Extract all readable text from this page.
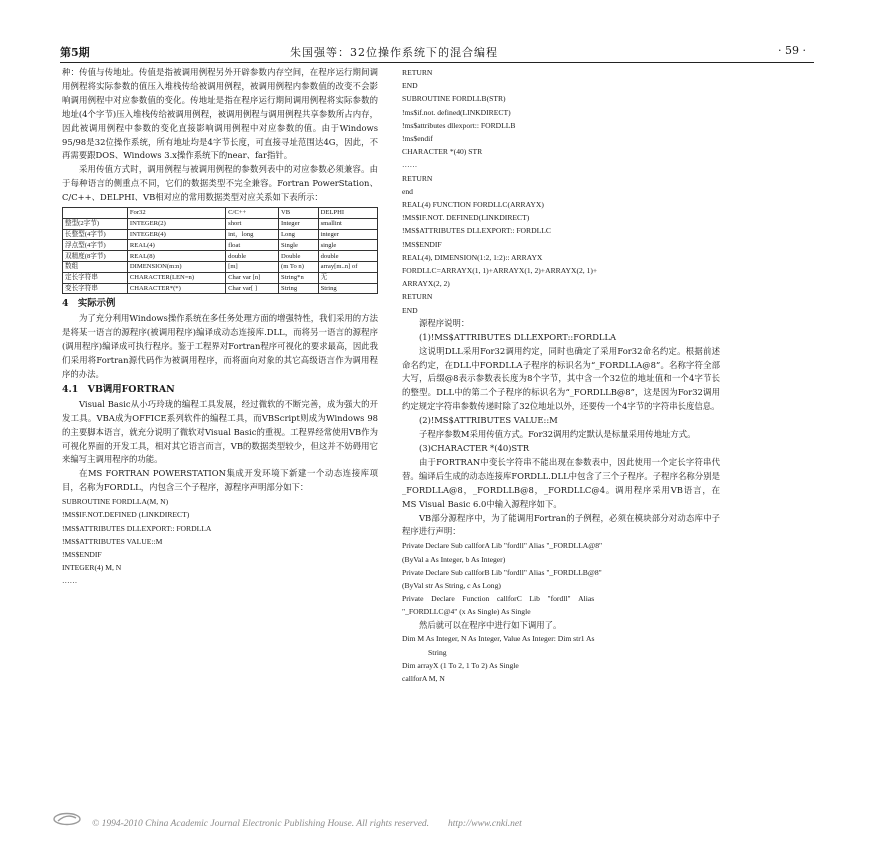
第5期	朱国强等：32位操作系统下的混合编程	· 59 ·

种：传值与传地址。传值是指被调用例程另外开辟参数内存空间，在程序运行期间调用例程将实际参数的值压入堆栈传给被调用例程，被调用例程内参数值的改变不会影响调用例程中对应参数值的变化。传地址是指在程序运行期间调用例程将实际参数的地址(4个字节)压入堆栈传给被调用例程，被调用例程与调用例程共享参数所占内存，因此被调用例程中参数的变化直接影响调用例程中对应参数的值。由于Windows 95/98是32位操作系统，所有地址均是4字节长度，可直接寻址范围达4G，因此，不再需要跟DOS、Windows 3.x操作系统下的near、far指针。

采用传值方式时，调用例程与被调用例程的参数列表中的对应参数必须兼容。由于每种语言的侧重点不同，它们的数据类型不完全兼容。Fortran PowerStation、C/C++、DELPHI、VB相对应的常用数据类型对应关系如下表所示：

	For32	C/C++	VB	DELPHI
整型(2字节)	INTEGER(2)	short	Integer	smallint
长整型(4字节)	INTEGER(4)	int，long	Long	integer
浮点型(4字节)	REAL(4)	float	Single	single
双精度(8字节)	REAL(8)	double	Double	double
数组	DIMENSION(m:n)	[m]	(m To n)	array[m..n] of
定长字符串	CHARACTER(LEN=n)	Char var [n]	String*n	无
变长字符串	CHARACTER*(*)	Char var[ ]	String	String
4　实际示例

为了充分利用Windows操作系统在多任务处理方面的增强特性，我们采用的方法是将某一语言的源程序(被调用程序)编译成动态连接库.DLL，而将另一语言的源程序(调用程序)编译成可执行程序。鉴于工程界对Fortran程序可视化的要求最高，因此我们采用将Fortran源代码作为被调用程序，而将面向对象的其它高级语言作为调用程序的办法。

4.1　VB调用FORTRAN

Visual Basic从小巧玲珑的编程工具发展，经过微软的不断完善，成为强大的开发工具。VBA成为OFFICE系列软件的编程工具，而VBScript则成为Windows 98的主要脚本语言，就充分说明了微软对Visual Basic的重视。工程界经常使用VB作为可视化界面的开发工具，相对其它语言而言，VB的数据类型较少，但这并不妨碍用它来编写主调用程序的功能。

在MS FORTRAN POWERSTATION集成开发环境下新建一个动态连接库项目，名称为FORDLL，内包含三个子程序，源程序声明部分如下：

SUBROUTINE FORDLLA(M, N)

!MS$IF.NOT.DEFINED (LINKDIRECT)

!MS$ATTRIBUTES DLLEXPORT:: FORDLLA

!MS$ATTRIBUTES VALUE::M

!MS$ENDIF

INTEGER(4) M, N

……

RETURN

END

SUBROUTINE FORDLLB(STR)

!ms$if.not. defined(LINKDIRECT)

!ms$attributes dllexport:: FORDLLB

!ms$endif

CHARACTER *(40) STR

……

RETURN

end

REAL(4) FUNCTION FORDLLC(ARRAYX)

!MS$IF.NOT. DEFINED(LINKDIRECT)

!MS$ATTRIBUTES DLLEXPORT:: FORDLLC

!MS$ENDIF

REAL(4), DIMENSION(1:2, 1:2):: ARRAYX

FORDLLC=ARRAYX(1, 1)+ARRAYX(1, 2)+ARRAYX(2, 1)+

ARRAYX(2, 2)

RETURN

END

源程序说明：

(1)!MS$ATTRIBUTES DLLEXPORT::FORDLLA

这说明DLL采用For32调用约定，同时也确定了采用For32命名约定。根据前述命名约定，在DLL中FORDLLA子程序的标识名为“_FORDLLA@8”。名称字符全部大写，后缀@8表示参数表长度为8个字节，其中含一个32位的地址值和一个4字节长的整型。DLL中的第二个子程序的标识名为“_FORDLLB@8”，这是因为For32调用约定规定字符串参数传递时除了32位地址以外，还要传一个4字节的字符串长度信息。

(2)!MS$ATTRIBUTES VALUE::M

子程序参数M采用传值方式。For32调用约定默认是标量采用传地址方式。

(3)CHARACTER *(40)STR

由于FORTRAN中变长字符串不能出现在参数表中，因此使用一个定长字符串代替。编译后生成的动态连接库FORDLL.DLL中包含了三个子程序。子程序名称分别是_FORDLLA@8，_FORDLLB@8，_FORDLLC@4。调用程序采用VB语言，在MS Visual Basic 6.0中输入源程序如下。

VB部分源程序中，为了能调用Fortran的子例程，必须在模块部分对动态库中子程序进行声明：

Private Declare Sub callforA Lib "fordll" Alias "_FORDLLA@8"

(ByVal a As Integer, b As Integer)

Private Declare Sub callforB Lib "fordll" Alias "_FORDLLB@8"

(ByVal str As String, c As Long)

Private　Declare　Function　callforC　Lib　"fordll"　Alias

"_FORDLLC@4" (x As Single) As Single

然后就可以在程序中进行如下调用了。

Dim M As Integer, N As Integer, Value As Integer: Dim str1 As

String

Dim arrayX (1 To 2, 1 To 2) As Single

callforA M, N

© 1994-2010 China Academic Journal Electronic Publishing House. All rights reserved.　　http://www.cnki.net
